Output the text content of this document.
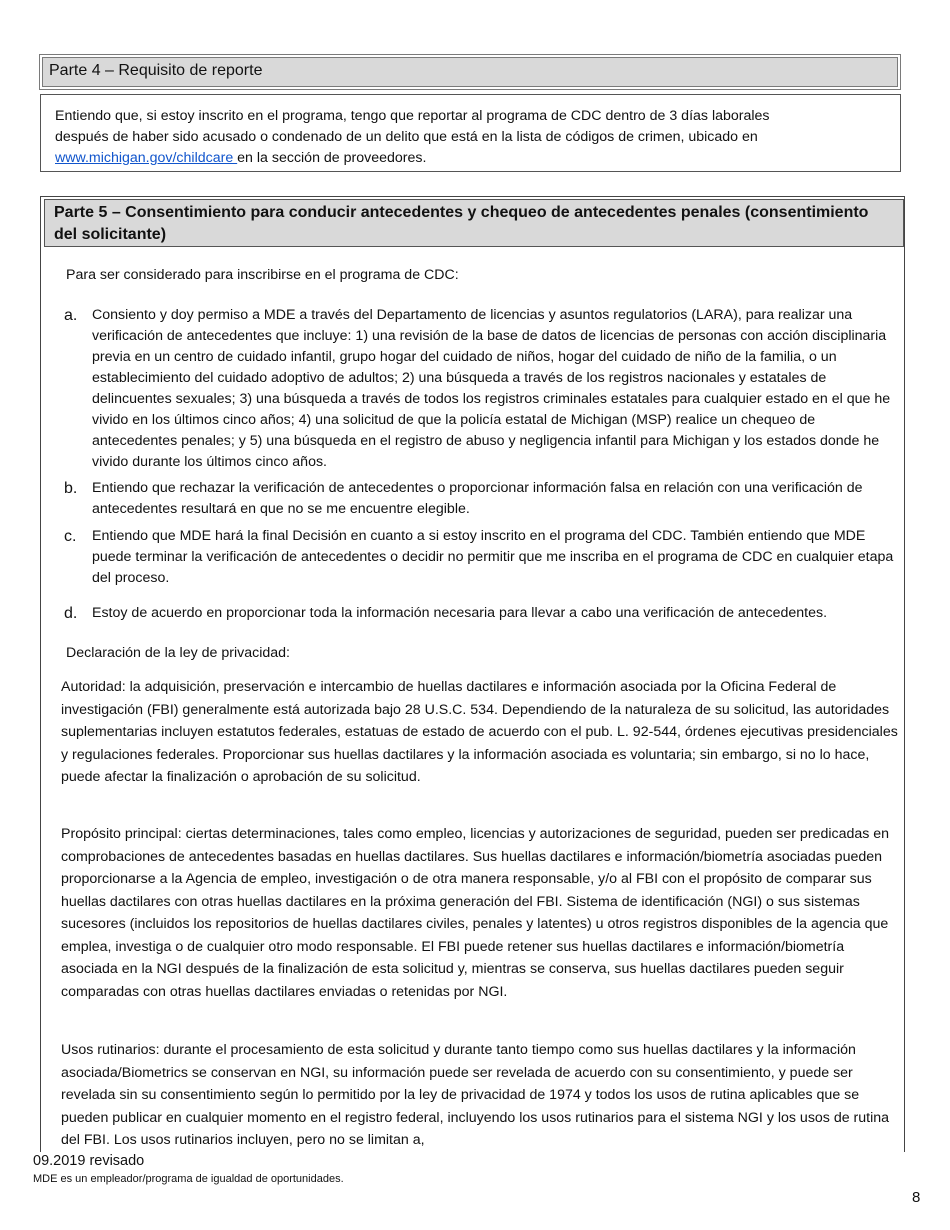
Parte 4 – Requisito de reporte
Entiendo que, si estoy inscrito en el programa, tengo que reportar al programa de CDC dentro de 3 días laborales
después de haber sido acusado o condenado de un delito que está en la lista de códigos de crimen, ubicado en
www.michigan.gov/childcare en la sección de proveedores.
Parte 5 – Consentimiento para conducir antecedentes y chequeo de antecedentes penales (consentimiento del solicitante)
Para ser considerado para inscribirse en el programa de CDC:
a. Consiento y doy permiso a MDE a través del Departamento de licencias y asuntos regulatorios (LARA), para realizar una verificación de antecedentes que incluye: 1) una revisión de la base de datos de licencias de personas con acción disciplinaria previa en un centro de cuidado infantil, grupo hogar del cuidado de niños, hogar del cuidado de niño de la familia, o un establecimiento del cuidado adoptivo de adultos; 2) una búsqueda a través de los registros nacionales y estatales de delincuentes sexuales; 3) una búsqueda a través de todos los registros criminales estatales para cualquier estado en el que he vivido en los últimos cinco años; 4) una solicitud de que la policía estatal de Michigan (MSP) realice un chequeo de antecedentes penales; y 5) una búsqueda en el registro de abuso y negligencia infantil para Michigan y los estados donde he vivido durante los últimos cinco años.
b. Entiendo que rechazar la verificación de antecedentes o proporcionar información falsa en relación con una verificación de antecedentes resultará en que no se me encuentre elegible.
c. Entiendo que MDE hará la final Decisión en cuanto a si estoy inscrito en el programa del CDC. También entiendo que MDE puede terminar la verificación de antecedentes o decidir no permitir que me inscriba en el programa de CDC en cualquier etapa del proceso.
d. Estoy de acuerdo en proporcionar toda la información necesaria para llevar a cabo una verificación de antecedentes.
Declaración de la ley de privacidad:
Autoridad: la adquisición, preservación e intercambio de huellas dactilares e información asociada por la Oficina Federal de investigación (FBI) generalmente está autorizada bajo 28 U.S.C. 534. Dependiendo de la naturaleza de su solicitud, las autoridades suplementarias incluyen estatutos federales, estatuas de estado de acuerdo con el pub. L. 92-544, órdenes ejecutivas presidenciales y regulaciones federales. Proporcionar sus huellas dactilares y la información asociada es voluntaria; sin embargo, si no lo hace, puede afectar la finalización o aprobación de su solicitud.
Propósito principal: ciertas determinaciones, tales como empleo, licencias y autorizaciones de seguridad, pueden ser predicadas en comprobaciones de antecedentes basadas en huellas dactilares. Sus huellas dactilares e información/biometría asociadas pueden proporcionarse a la Agencia de empleo, investigación o de otra manera responsable, y/o al FBI con el propósito de comparar sus huellas dactilares con otras huellas dactilares en la próxima generación del FBI. Sistema de identificación (NGI) o sus sistemas sucesores (incluidos los repositorios de huellas dactilares civiles, penales y latentes) u otros registros disponibles de la agencia que emplea, investiga o de cualquier otro modo responsable. El FBI puede retener sus huellas dactilares e información/biometría asociada en la NGI después de la finalización de esta solicitud y, mientras se conserva, sus huellas dactilares pueden seguir comparadas con otras huellas dactilares enviadas o retenidas por NGI.
Usos rutinarios: durante el procesamiento de esta solicitud y durante tanto tiempo como sus huellas dactilares y la información asociada/Biometrics se conservan en NGI, su información puede ser revelada de acuerdo con su consentimiento, y puede ser revelada sin su consentimiento según lo permitido por la ley de privacidad de 1974 y todos los usos de rutina aplicables que se pueden publicar en cualquier momento en el registro federal, incluyendo los usos rutinarios para el sistema NGI y los usos de rutina del FBI. Los usos rutinarios incluyen, pero no se limitan a,
09.2019 revisado
MDE es un empleador/programa de igualdad de oportunidades.
8
